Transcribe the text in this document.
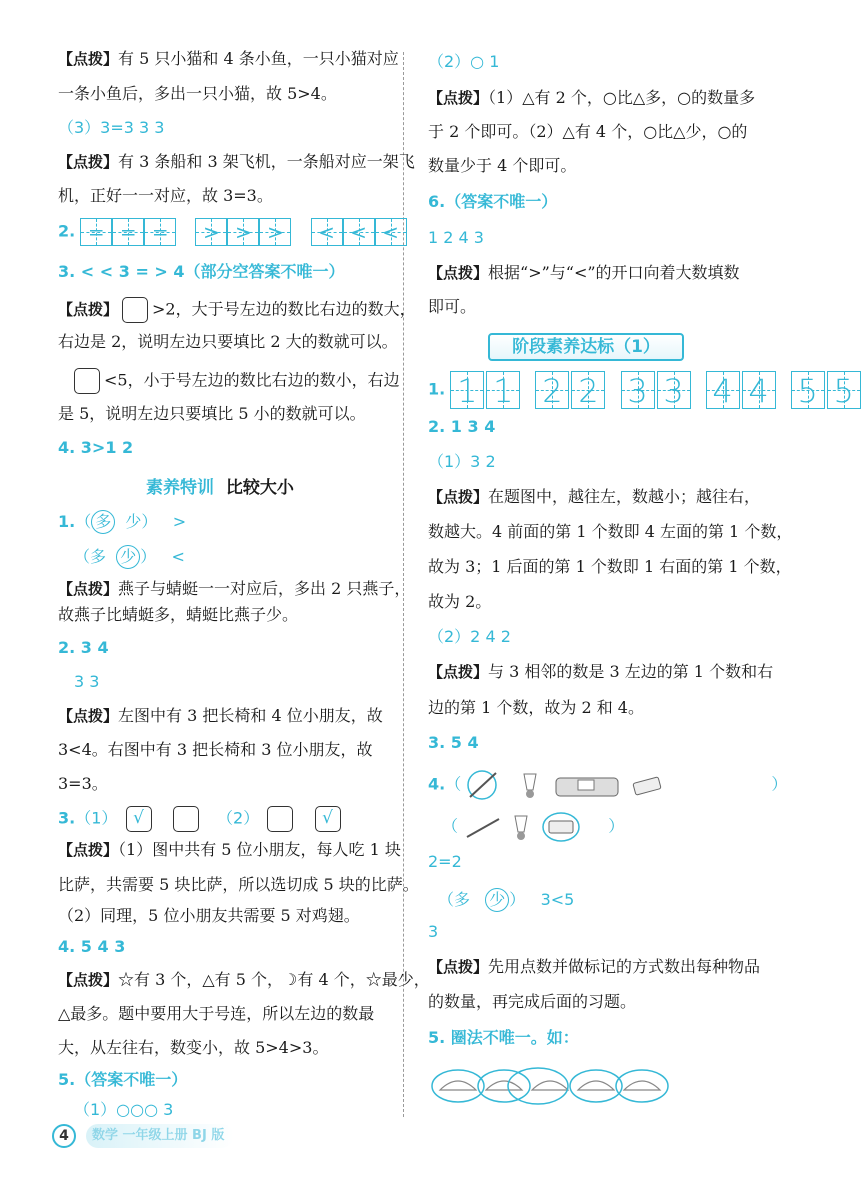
【点拨】有 5 只小猫和 4 条小鱼，一只小猫对应
一条小鱼后，多出一只小猫，故 5>4。
（3）3=3 3 3
【点拨】有 3 条船和 3 架飞机，一条船对应一架飞
机，正好一一对应，故 3=3。
2. = = =
	> > >
	< < <
3. < < 3 = > 4（部分空答案不唯一）
【点拨】 >2，大于号左边的数比右边的数大，
右边是 2，说明左边只要填比 2 大的数就可以。
<5，小于号左边的数比右边的数小，右边
是 5，说明左边只要填比 5 小的数就可以。
4. 3>1 2
素养特训 比较大小
1.（ 多 少）   >
（多 少 ）   <
【点拨】燕子与蜻蜓一一对应后，多出 2 只燕子，
故燕子比蜻蜓多，蜻蜓比燕子少。
2. 3 4
3 3
【点拨】左图中有 3 把长椅和 4 位小朋友，故
3<4。右图中有 3 把长椅和 3 位小朋友，故
3=3。
3.（1） √	（2）	√
【点拨】（1）图中共有 5 位小朋友，每人吃 1 块
比萨，共需要 5 块比萨，所以选切成 5 块的比萨。
（2）同理，5 位小朋友共需要 5 对鸡翅。
4. 5 4 3
【点拨】☆有 3 个，△有 5 个，☽有 4 个，☆最少，
△最多。题中要用大于号连，所以左边的数最
大，从左往右，数变小，故 5>4>3。
5.（答案不唯一）
（1）○○○ 3
（2）○ 1
【点拨】（1）△有 2 个，○比△多，○的数量多
于 2 个即可。（2）△有 4 个，○比△少，○的
数量少于 4 个即可。
6.（答案不唯一）
1 2 4 3
【点拨】根据“>”与“<”的开口向着大数填数
即可。
阶段素养达标（1）
1. 1 1
2 2
3 3
4 4
5 5
2. 1 3 4
（1）3 2
【点拨】在题图中，越往左，数越小；越往右，
数越大。4 前面的第 1 个数即 4 左面的第 1 个数，
故为 3；1 后面的第 1 个数即 1 右面的第 1 个数，
故为 2。
（2）2 4 2
【点拨】与 3 相邻的数是 3 左边的第 1 个数和右
边的第 1 个数，故为 2 和 4。
3. 5 4
4.（	）
（	）
2=2
（多 少 ）   3<5
3
【点拨】先用点数并做标记的方式数出每种物品
的数量，再完成后面的习题。
5. 圈法不唯一。如：
4	数学 一年级上册 BJ 版
